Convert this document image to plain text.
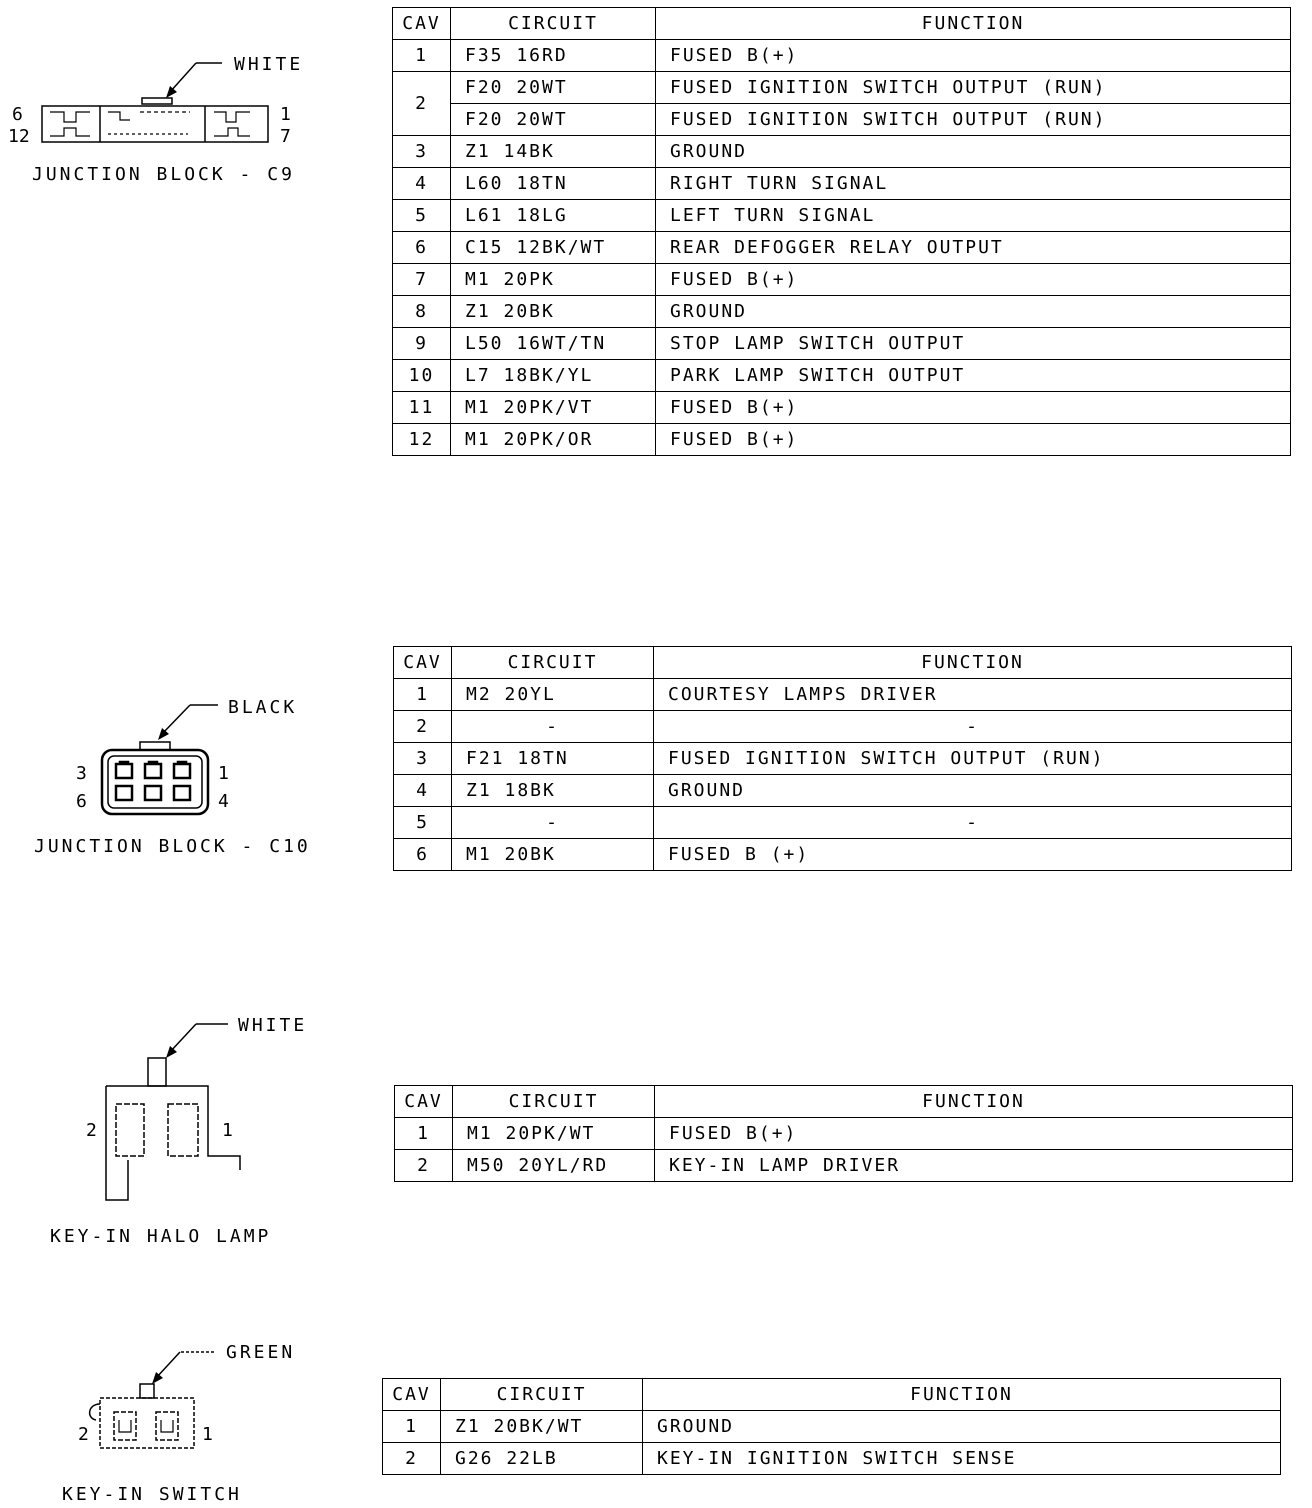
WHITE
6
12
1
7
JUNCTION BLOCK - C9
CAV	CIRCUIT	FUNCTION
1	F35 16RD	FUSED B(+)
2	F20 20WT	FUSED IGNITION SWITCH OUTPUT (RUN)
	F20 20WT	FUSED IGNITION SWITCH OUTPUT (RUN)
3	Z1 14BK	GROUND
4	L60 18TN	RIGHT TURN SIGNAL
5	L61 18LG	LEFT TURN SIGNAL
6	C15 12BK/WT	REAR DEFOGGER RELAY OUTPUT
7	M1 20PK	FUSED B(+)
8	Z1 20BK	GROUND
9	L50 16WT/TN	STOP LAMP SWITCH OUTPUT
10	L7 18BK/YL	PARK LAMP SWITCH OUTPUT
11	M1 20PK/VT	FUSED B(+)
12	M1 20PK/OR	FUSED B(+)
BLACK
3
6
1
4
JUNCTION BLOCK - C10
CAV	CIRCUIT	FUNCTION
1	M2 20YL	COURTESY LAMPS DRIVER
2	-	-
3	F21 18TN	FUSED IGNITION SWITCH OUTPUT (RUN)
4	Z1 18BK	GROUND
5	-	-
6	M1 20BK	FUSED B (+)
WHITE
2	1
KEY-IN HALO LAMP
CAV	CIRCUIT	FUNCTION
1	M1 20PK/WT	FUSED B(+)
2	M50 20YL/RD	KEY-IN LAMP DRIVER
GREEN
2	1
KEY-IN SWITCH
CAV	CIRCUIT	FUNCTION
1	Z1 20BK/WT	GROUND
2	G26 22LB	KEY-IN IGNITION SWITCH SENSE
